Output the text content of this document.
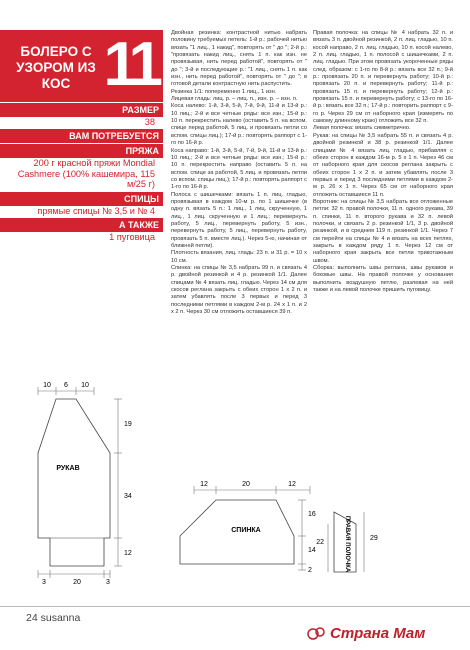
БОЛЕРО С УЗОРОМ ИЗ КОС 11
РАЗМЕР
38
ВАМ ПОТРЕБУЕТСЯ
ПРЯЖА
200 г красной пряжи Mondial Cashmere (100% кашемира, 115 м/25 г)
СПИЦЫ
прямые спицы № 3,5 и № 4
А ТАКЖЕ
1 пуговица
Двойная резинка: контрастной нитью набрать половину требуемых петель: 1-й р.: рабочей нитью вязать "1 лиц., 1 накид", повторять от " до "; 2-й р.: "провязать накид лиц., снять 1 п. как изн. не провязывая, нить перед работой", повторять от " до "; 3-й и последующие р.: "1 лиц., снять 1 п. как изн., нить перед работой", повторять от " до "; в готовой детали контрастную нить распустить.
Резинка 1/1: попеременно 1 лиц., 1 изн.
Лицевая гладь: лиц. р. – лиц. п., изн. р. – изн. п.
Коса налево: 1-й, 3-й, 5-й, 7-й, 9-й, 11-й и 13-й р.: 10 лиц.; 2-й и все четные ряды: все изн.; 15-й р.: 10 п. перекрестить налево (оставить 5 п. на вспом. спице перед работой, 5 лиц. и провязать петли со вспом. спицы лиц.); 17-й р.: повторять раппорт с 1-го по 16-й р.
Коса направо: 1-й, 3-й, 5-й, 7-й, 9-й, 11-й и 13-й р.: 10 лиц.; 2-й и все четные ряды: все изн.; 15-й р.: 10 п. перекрестить направо (оставить 5 п. на вспом. спице за работой, 5 лиц. и провязать петли со вспом. спицы лиц.); 17-й р.: повторять раппорт с 1-го по 16-й р.
Полоса с шишечками: вязать 1 п. лиц. гладью, провязывая в каждом 10-м р. по 1 шишечке (в одну п. вязать 5 п.: 1 лиц., 1 лиц. скрученную, 1 лиц., 1 лиц. скрученную и 1 лиц.; перевернуть работу, 5 лиц., перевернуть работу, 5 изн., перевернуть работу, 5 лиц., перевернуть работу, провязать 5 п. вместе лиц.). Через 5-ю, начиная от ближней петли).
Плотность вязания, лиц. гладь: 23 п. и 31 р. = 10 х 10 см.
Спинка: на спицы № 3,5 набрать 99 п. и связать 4 р. двойной резинкой и 4 р. резинкой 1/1. Далее спицами № 4 вязать лиц. гладью. Через 14 см для скосов реглана закрыть с обеих сторон 1 х 2 п. и затем убавлять после 3 первых и перед 3 последними петлями в каждом 2-м р. 24 х 1 п. и 2 х 2 п. Через 30 см отложить оставшиеся 39 п.
Правая полочка: на спицы № 4 набрать 32 п. и вязать 3 п. двойной резинкой, 2 п. лиц. гладью, 10 п. косой направо, 2 п. лиц. гладью, 10 п. косой налево, 2 п. лиц. гладью, 1 п. полосой с шишечками, 2 п. лиц. гладью. При этом провязать укороченные ряды след. образом: с 1-го по 8-й р.: вязать все 32 п.; 9-й р.: провязать 20 п. и перевернуть работу; 10-й р.: провязать 20 п. и перевернуть работу; 11-й р.: провязать 15 п. и перевернуть работу; 12-й р.: провязать 15 п. и перевернуть работу; с 13-го по 16-й р.: вязать все 32 п.; 17-й р.: повторить раппорт с 9-го р. Через 29 см от наборного края (измерять по самому длинному краю) отложить все 32 п.
Левая полочка: вязать симметрично.
Рукав: на спицы № 3,5 набрать 55 п. и связать 4 р. двойной резинкой и 38 р. резинкой 1/1. Далее спицами № 4 вязать лиц. гладью, прибавляя с обеих сторон в каждом 16-м р. 5 х 1 п. Через 46 см от наборного края для скосов реглана закрыть с обеих сторон 1 х 2 п. и затем убавлять после 3 первых и перед 3 последними петлями в каждом 2-м р. 26 х 1 п. Через 65 см от наборного края отложить оставшиеся 11 п.
Воротник: на спицы № 3,5 набрать все отложенные петли: 32 п. правой полочки, 11 п. одного рукава, 39 п. спинки, 11 п. второго рукава и 32 п. левой полочки, и связать 2 р. резинкой 1/1, 3 р. двойной резинкой, и в среднем 119 п. резинкой 1/1. Через 7 см перейти на спицы № 4 и вязать на всех петлях, закрыть в каждом ряду 1 п. Через 12 см от наборного края закрыть все петли трикотажным швом.
Сборка: выполнить швы реглана, швы рукавов и боковые швы. На правой полочке у основания выполнить воздушную петлю, разлевая на ней также и на левой полочке пришить пуговицу.
10 6 10
РУКАВ
19
34
12
3	20	3
12	20	12
СПИНКА
16
14
2	ПРАВАЯ ПОЛОЧКА
22
29
24 susanna
Страна Мам
